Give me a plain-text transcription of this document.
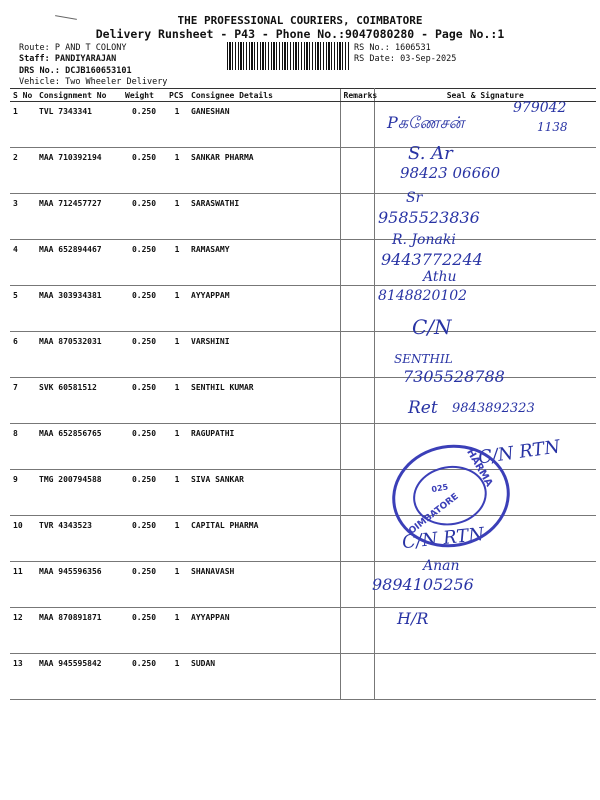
THE PROFESSIONAL COURIERS, COIMBATORE
Delivery Runsheet - P43 - Phone No.:9047080280 - Page No.:1
Route: P AND T COLONY
Staff: PANDIYARAJAN
DRS No.: DCJB160653101
Vehicle: Two Wheeler Delivery
RS No.: 1606531
RS Date: 03-Sep-2025
S No	Consignment No	Weight	PCS	Consignee Details	Remarks	Seal & Signature
1	TVL 7343341	0.250	1	GANESHAN		
2	MAA 710392194	0.250	1	SANKAR PHARMA		
3	MAA 712457727	0.250	1	SARASWATHI		
4	MAA 652894467	0.250	1	RAMASAMY		
5	MAA 303934381	0.250	1	AYYAPPAM		
6	MAA 870532031	0.250	1	VARSHINI		
7	SVK 60581512	0.250	1	SENTHIL KUMAR		
8	MAA 652856765	0.250	1	RAGUPATHI		
9	TMG 200794588	0.250	1	SIVA SANKAR		
10	TVR 4343523	0.250	1	CAPITAL PHARMA		
11	MAA 945596356	0.250	1	SHANAVASH		
12	MAA 870891871	0.250	1	AYYAPPAN		
13	MAA 945595842	0.250	1	SUDAN		
Pகணேசன்
979042
1138
S. Ar
98423 06660
Sr
9585523836
R. Jonaki
9443772244
Athu
8148820102
C/N
SENTHIL
7305528788
Ret 9843892323
C/N RTN
C/N RTN
Anan
9894105256
H/R
HARMA
OIMBATORE
025
